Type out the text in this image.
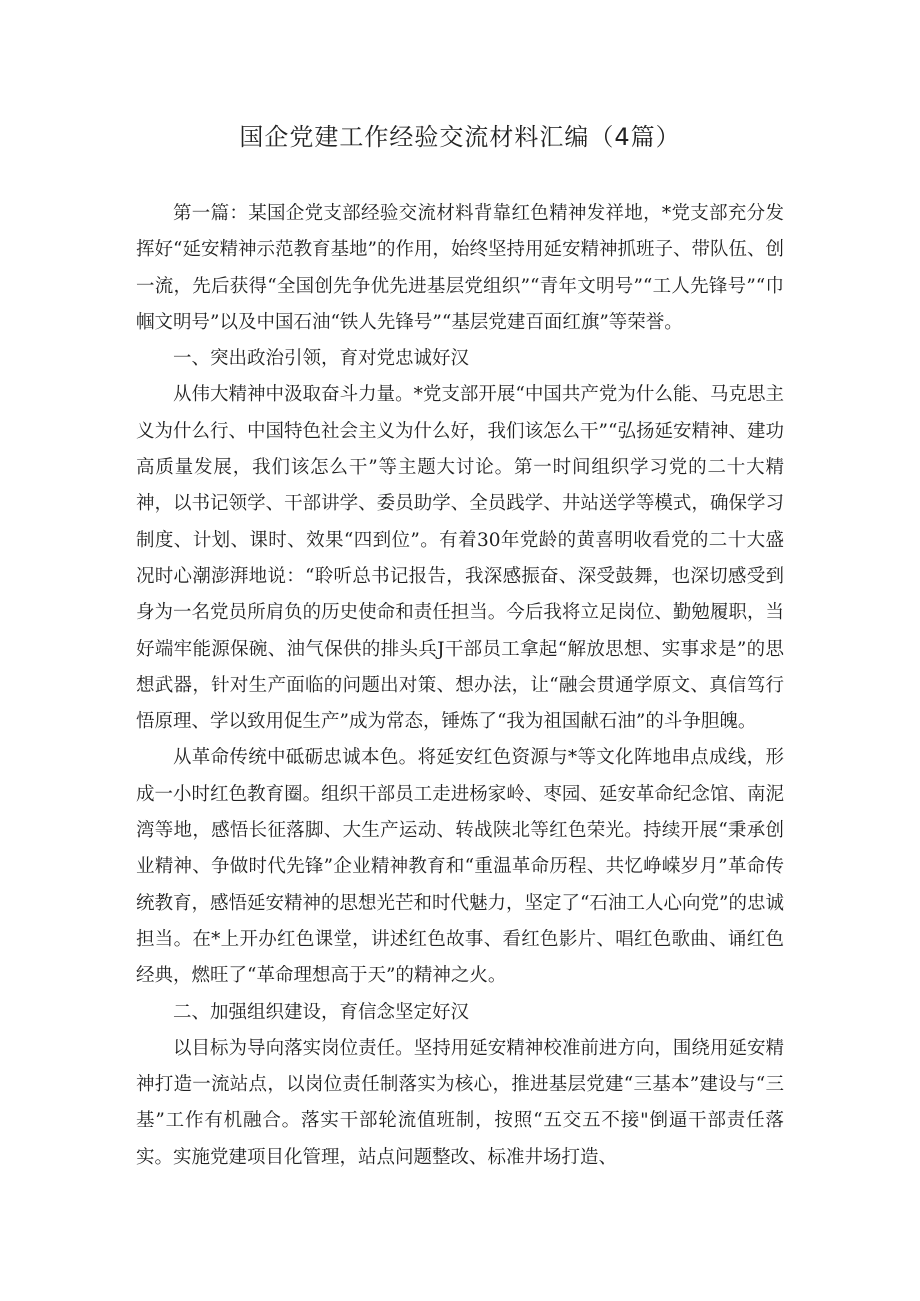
国企党建工作经验交流材料汇编（4篇）

第一篇：某国企党支部经验交流材料背靠红色精神发祥地，*党支部充分发挥好“延安精神示范教育基地”的作用，始终坚持用延安精神抓班子、带队伍、创一流，先后获得“全国创先争优先进基层党组织”“青年文明号”“工人先锋号”“巾帼文明号”以及中国石油“铁人先锋号”“基层党建百面红旗”等荣誉。

一、突出政治引领，育对党忠诚好汉

从伟大精神中汲取奋斗力量。*党支部开展“中国共产党为什么能、马克思主义为什么行、中国特色社会主义为什么好，我们该怎么干”“弘扬延安精神、建功高质量发展，我们该怎么干”等主题大讨论。第一时间组织学习党的二十大精神，以书记领学、干部讲学、委员助学、全员践学、井站送学等模式，确保学习制度、计划、课时、效果“四到位”。有着30年党龄的黄喜明收看党的二十大盛况时心潮澎湃地说：“聆听总书记报告，我深感振奋、深受鼓舞，也深切感受到身为一名党员所肩负的历史使命和责任担当。今后我将立足岗位、勤勉履职，当好端牢能源保碗、油气保供的排头兵J干部员工拿起“解放思想、实事求是”的思想武器，针对生产面临的问题出对策、想办法，让“融会贯通学原文、真信笃行悟原理、学以致用促生产”成为常态，锤炼了“我为祖国献石油”的斗争胆魄。

从革命传统中砥砺忠诚本色。将延安红色资源与*等文化阵地串点成线，形成一小时红色教育圈。组织干部员工走进杨家岭、枣园、延安革命纪念馆、南泥湾等地，感悟长征落脚、大生产运动、转战陕北等红色荣光。持续开展“秉承创业精神、争做时代先锋”企业精神教育和“重温革命历程、共忆峥嵘岁月”革命传统教育，感悟延安精神的思想光芒和时代魅力，坚定了“石油工人心向党”的忠诚担当。在*上开办红色课堂，讲述红色故事、看红色影片、唱红色歌曲、诵红色经典，燃旺了“革命理想高于天”的精神之火。

二、加强组织建设，育信念坚定好汉

以目标为导向落实岗位责任。坚持用延安精神校准前进方向，围绕用延安精神打造一流站点，以岗位责任制落实为核心，推进基层党建“三基本”建设与“三基”工作有机融合。落实干部轮流值班制，按照“五交五不接"倒逼干部责任落实。实施党建项目化管理，站点问题整改、标准井场打造、
